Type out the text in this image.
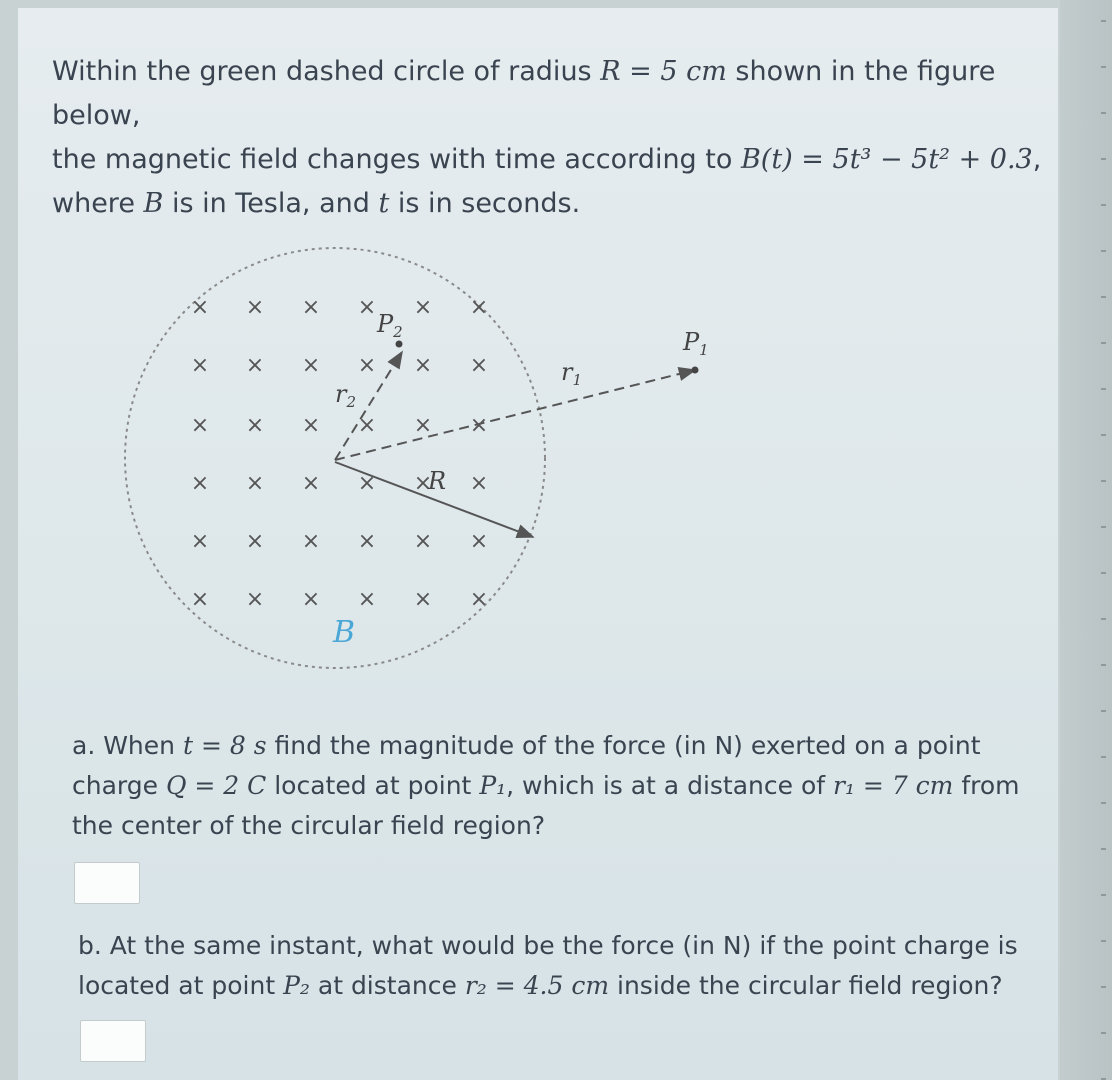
Within the green dashed circle of radius R = 5 cm shown in the figure below,
the magnetic field changes with time according to B(t) = 5t³ − 5t² + 0.3,
where B is in Tesla, and t is in seconds.
× × × × × ×
× × × × × ×
× × × × × ×
× × × × × ×
× × × × × ×
× × × × × ×
$P_2$	$P_1$
$r_1$
$r_2$
R
B
a. When t = 8 s find the magnitude of the force (in N) exerted on a point
charge Q = 2 C located at point P₁, which is at a distance of r₁ = 7 cm from
the center of the circular field region?
b. At the same instant, what would be the force (in N) if the point charge is
located at point P₂ at distance r₂ = 4.5 cm inside the circular field region?
